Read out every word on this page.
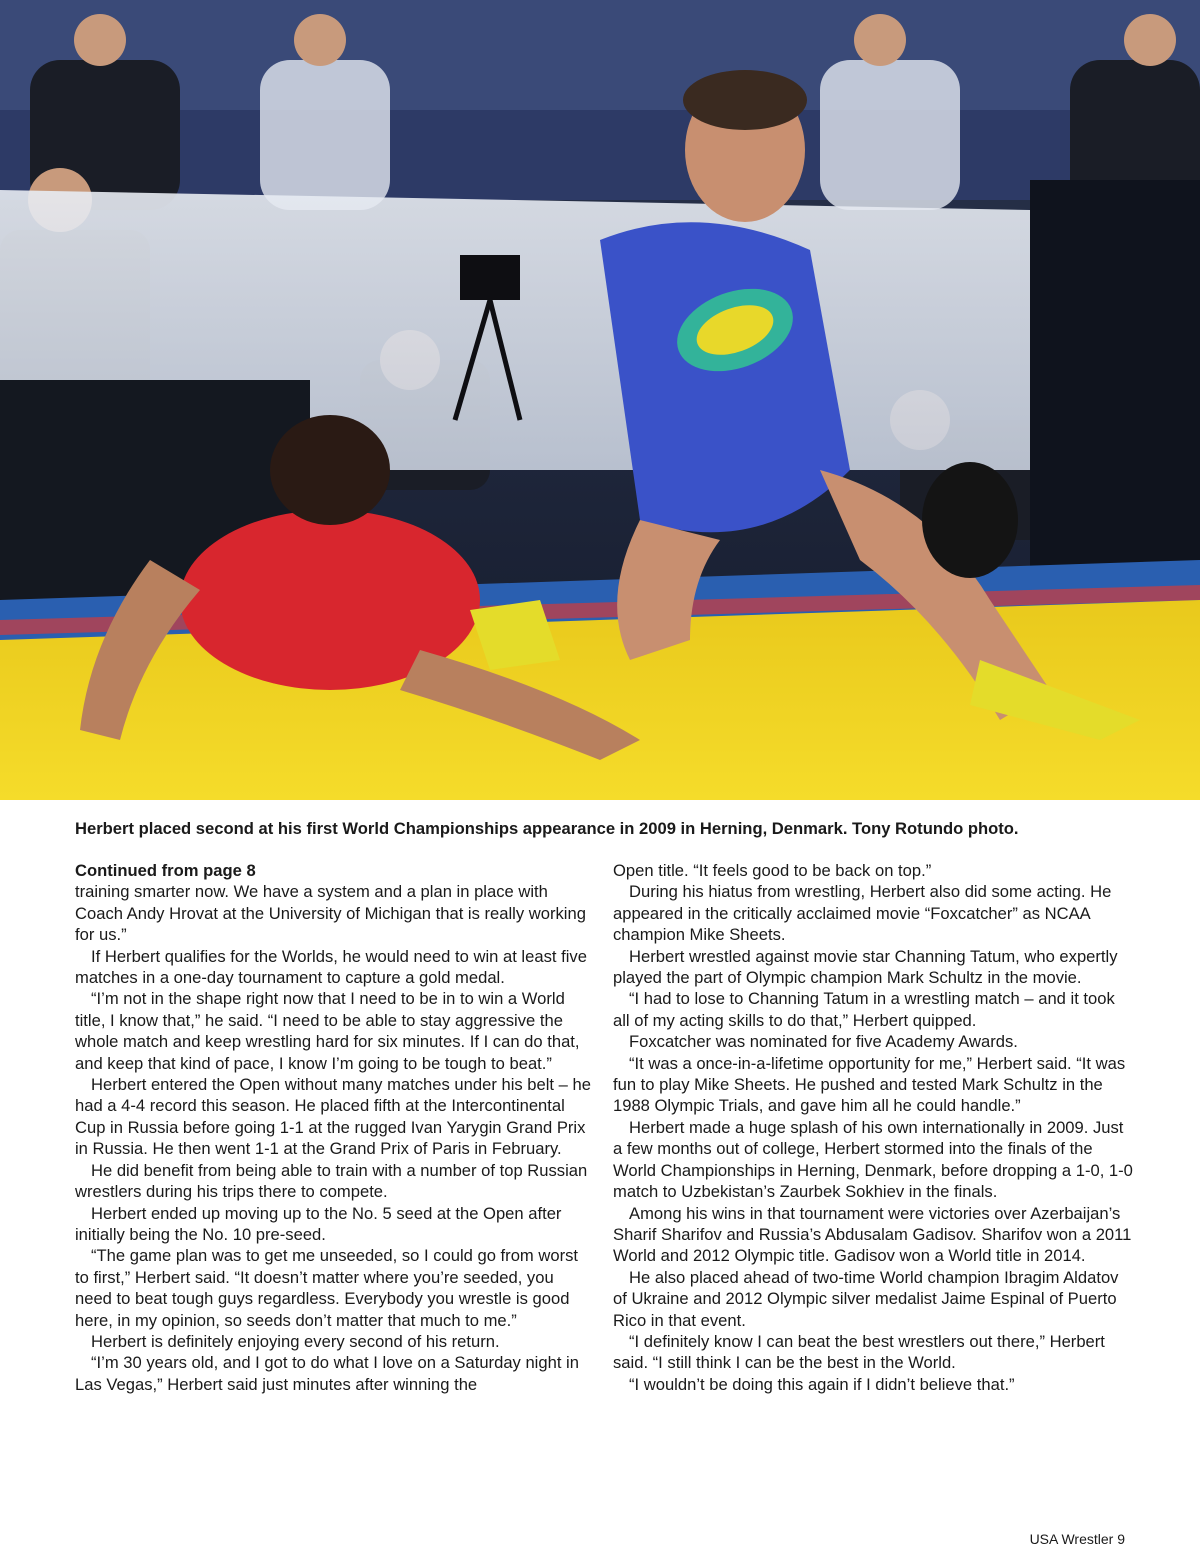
Herbert placed second at his first World Championships appearance in 2009 in Herning, Denmark. Tony Rotundo photo.
Continued from page 8

training smarter now. We have a system and a plan in place with Coach Andy Hrovat at the University of Michigan that is really working for us.”

If Herbert qualifies for the Worlds, he would need to win at least five matches in a one-day tournament to capture a gold medal.

“I’m not in the shape right now that I need to be in to win a World title, I know that,” he said. “I need to be able to stay aggressive the whole match and keep wrestling hard for six minutes. If I can do that, and keep that kind of pace, I know I’m going to be tough to beat.”

Herbert entered the Open without many matches under his belt – he had a 4-4 record this season. He placed fifth at the Intercontinental Cup in Russia before going 1-1 at the rugged Ivan Yarygin Grand Prix in Russia. He then went 1-1 at the Grand Prix of Paris in February.

He did benefit from being able to train with a number of top Russian wrestlers during his trips there to compete.

Herbert ended up moving up to the No. 5 seed at the Open after initially being the No. 10 pre-seed.

“The game plan was to get me unseeded, so I could go from worst to first,” Herbert said. “It doesn’t matter where you’re seeded, you need to beat tough guys regardless. Everybody you wrestle is good here, in my opinion, so seeds don’t matter that much to me.”

Herbert is definitely enjoying every second of his return.

“I’m 30 years old, and I got to do what I love on a Saturday night in Las Vegas,” Herbert said just minutes after winning the

Open title. “It feels good to be back on top.”

During his hiatus from wrestling, Herbert also did some acting. He appeared in the critically acclaimed movie “Foxcatcher” as NCAA champion Mike Sheets.

Herbert wrestled against movie star Channing Tatum, who expertly played the part of Olympic champion Mark Schultz in the movie.

“I had to lose to Channing Tatum in a wrestling match – and it took all of my acting skills to do that,” Herbert quipped.

Foxcatcher was nominated for five Academy Awards.

“It was a once-in-a-lifetime opportunity for me,” Herbert said. “It was fun to play Mike Sheets. He pushed and tested Mark Schultz in the 1988 Olympic Trials, and gave him all he could handle.”

Herbert made a huge splash of his own internationally in 2009. Just a few months out of college, Herbert stormed into the finals of the World Championships in Herning, Denmark, before dropping a 1-0, 1-0 match to Uzbekistan’s Zaurbek Sokhiev in the finals.

Among his wins in that tournament were victories over Azerbaijan’s Sharif Sharifov and Russia’s Abdusalam Gadisov. Sharifov won a 2011 World and 2012 Olympic title. Gadisov won a World title in 2014.

He also placed ahead of two-time World champion Ibragim Aldatov of Ukraine and 2012 Olympic silver medalist Jaime Espinal of Puerto Rico in that event.

“I definitely know I can beat the best wrestlers out there,” Herbert said. “I still think I can be the best in the World.

“I wouldn’t be doing this again if I didn’t believe that.”

USA Wrestler 9
